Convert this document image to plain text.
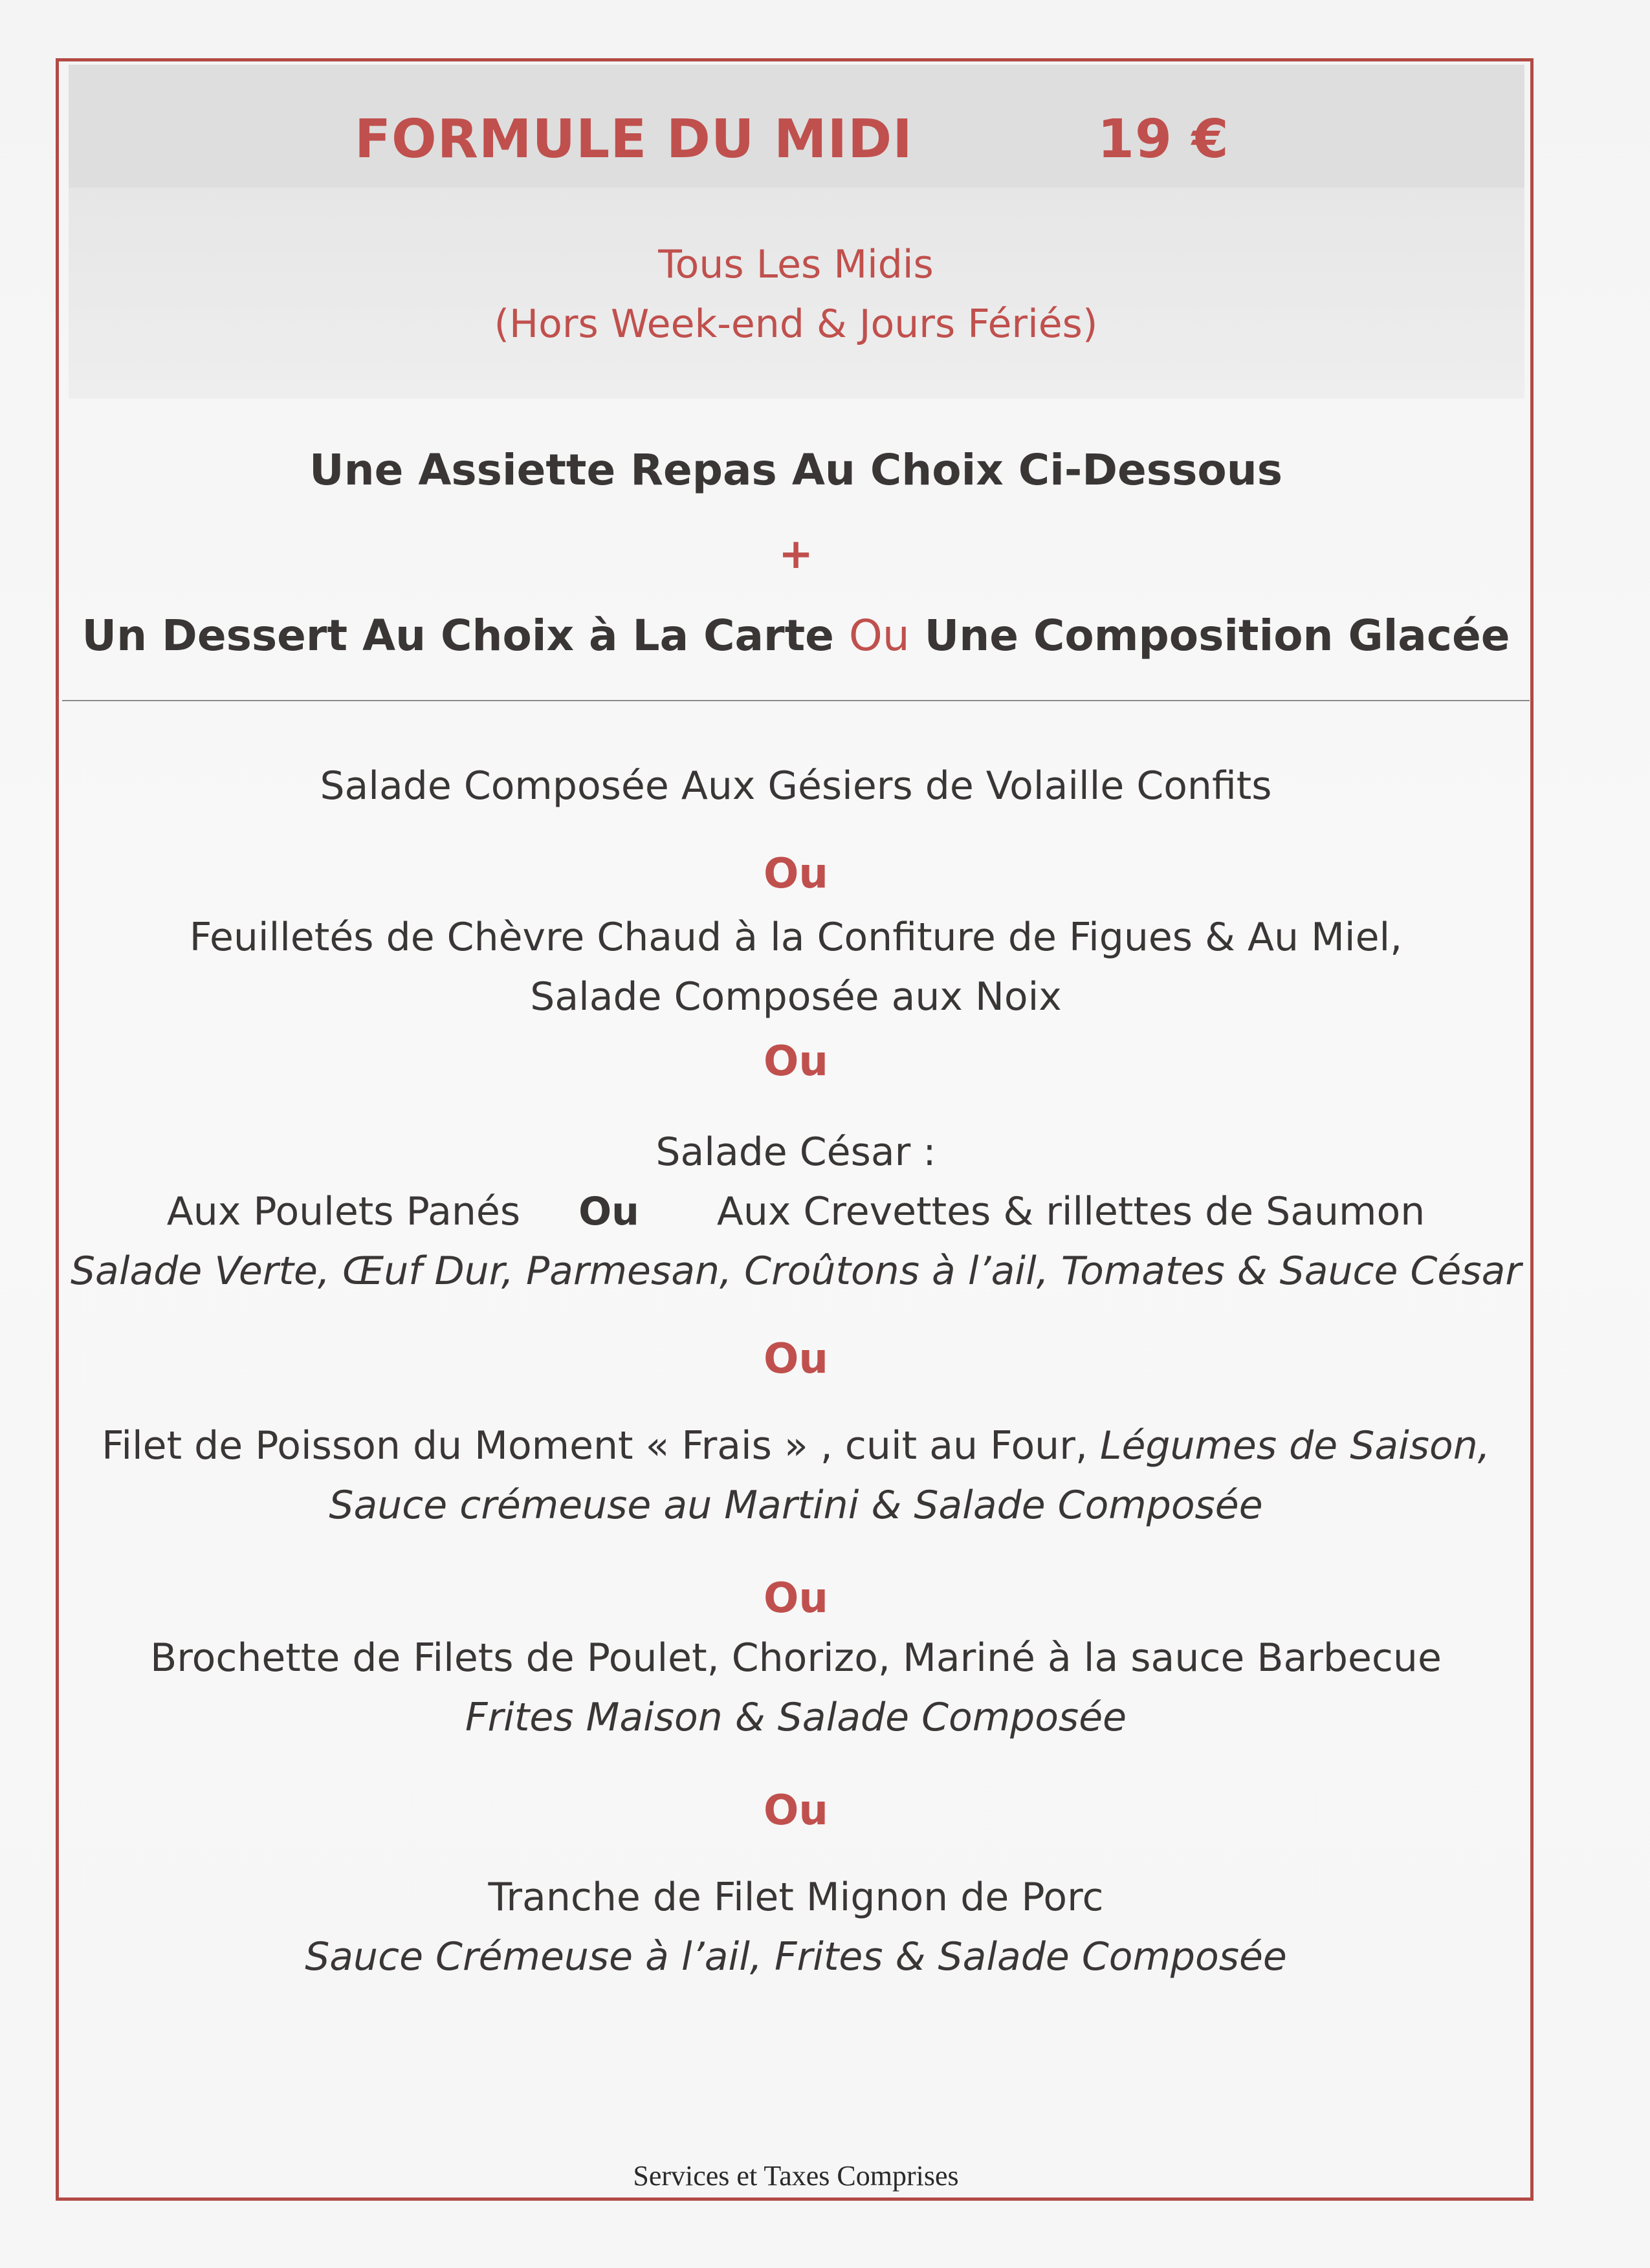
FORMULE DU MIDI	19 €
Tous Les Midis
(Hors Week-end & Jours Fériés)
Une Assiette Repas Au Choix Ci-Dessous
+
Un Dessert Au Choix à La Carte Ou Une Composition Glacée
Salade Composée Aux Gésiers de Volaille Confits
Ou
Feuilletés de Chèvre Chaud à la Confiture de Figues & Au Miel,
Salade Composée aux Noix
Ou
Salade César :
Aux Poulets Panés Ou Aux Crevettes & rillettes de Saumon
Salade Verte, Œuf Dur, Parmesan, Croûtons à l’ail, Tomates & Sauce César
Ou
Filet de Poisson du Moment « Frais » , cuit au Four, Légumes de Saison,
Sauce crémeuse au Martini & Salade Composée
Ou
Brochette de Filets de Poulet, Chorizo, Mariné à la sauce Barbecue
Frites Maison & Salade Composée
Ou
Tranche de Filet Mignon de Porc
Sauce Crémeuse à l’ail, Frites & Salade Composée
Services et Taxes Comprises
